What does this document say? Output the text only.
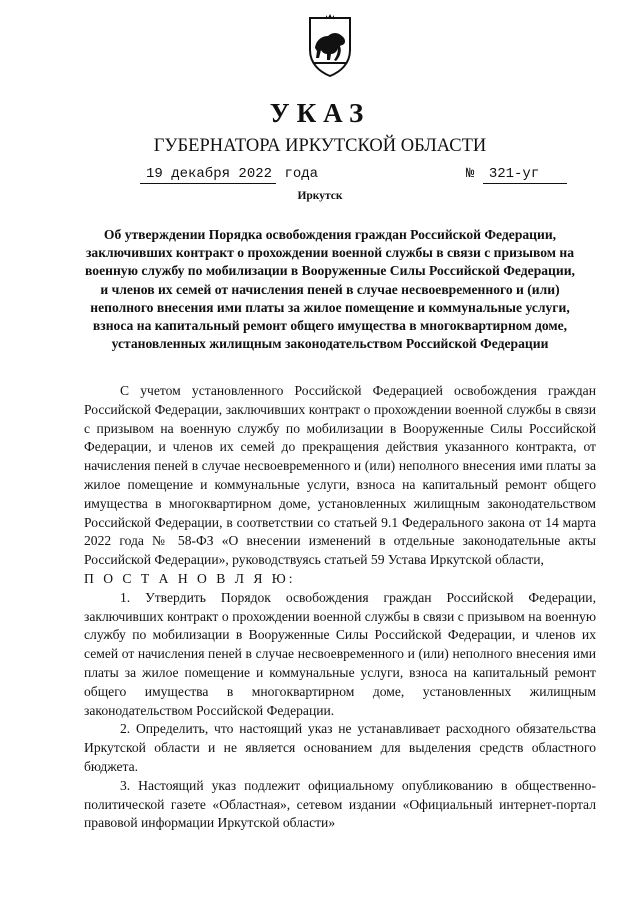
УКАЗ
ГУБЕРНАТОРА ИРКУТСКОЙ ОБЛАСТИ
19 декабря 2022 года	№ 321-уг
Иркутск
Об утверждении Порядка освобождения граждан Российской Федерации, заключивших контракт о прохождении военной службы в связи с призывом на военную службу по мобилизации в Вооруженные Силы Российской Федерации, и членов их семей от начисления пеней в случае несвоевременного и (или) неполного внесения ими платы за жилое помещение и коммунальные услуги, взноса на капитальный ремонт общего имущества в многоквартирном доме, установленных жилищным законодательством Российской Федерации

С учетом установленного Российской Федерацией освобождения граждан Российской Федерации, заключивших контракт о прохождении военной службы в связи с призывом на военную службу по мобилизации в Вооруженные Силы Российской Федерации, и членов их семей до прекращения действия указанного контракта, от начисления пеней в случае несвоевременного и (или) неполного внесения ими платы за жилое помещение и коммунальные услуги, взноса на капитальный ремонт общего имущества в многоквартирном доме, установленных жилищным законодательством Российской Федерации, в соответствии со статьей 9.1 Федерального закона от 14 марта 2022 года № 58-ФЗ «О внесении изменений в отдельные законодательные акты Российской Федерации», руководствуясь статьей 59 Устава Иркутской области,

П О С Т А Н О В Л Я Ю:

1. Утвердить Порядок освобождения граждан Российской Федерации, заключивших контракт о прохождении военной службы в связи с призывом на военную службу по мобилизации в Вооруженные Силы Российской Федерации, и членов их семей от начисления пеней в случае несвоевременного и (или) неполного внесения ими платы за жилое помещение и коммунальные услуги, взноса на капитальный ремонт общего имущества в многоквартирном доме, установленных жилищным законодательством Российской Федерации.

2. Определить, что настоящий указ не устанавливает расходного обязательства Иркутской области и не является основанием для выделения средств областного бюджета.

3. Настоящий указ подлежит официальному опубликованию в общественно-политической газете «Областная», сетевом издании «Официальный интернет-портал правовой информации Иркутской области»
